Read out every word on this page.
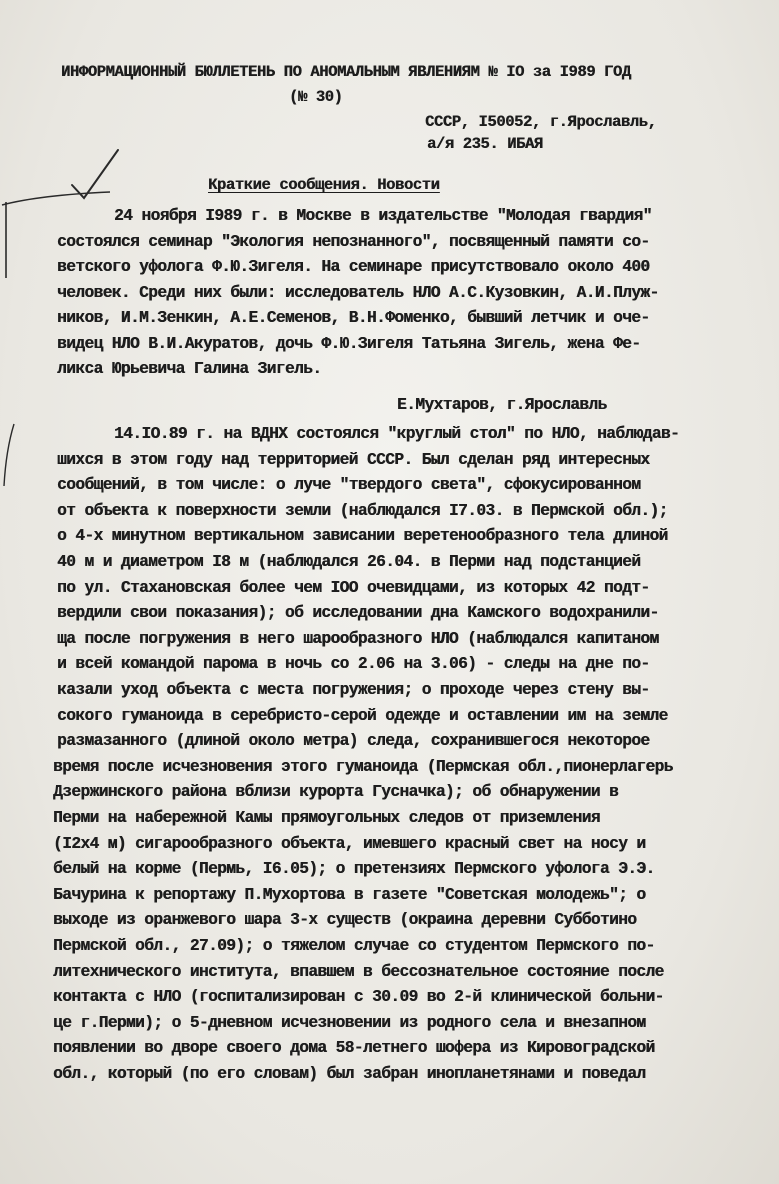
ИНФОРМАЦИОННЫЙ БЮЛЛЕТЕНЬ ПО АНОМАЛЬНЫМ ЯВЛЕНИЯМ № IO за I989 ГОД
(№ 30)
СССР, I50052, г.Ярославль,
а/я 235. ИБАЯ
Краткие сообщения. Новости
24 ноября I989 г. в Москве в издательстве "Молодая гвардия"
состоялся семинар "Экология непознанного", посвященный памяти со-
ветского уфолога Ф.Ю.Зигеля. На семинаре присутствовало около 400
человек. Среди них были: исследователь НЛО А.С.Кузовкин, А.И.Плуж-
ников, И.М.Зенкин, А.Е.Семенов, В.Н.Фоменко, бывший летчик и оче-
видец НЛО В.И.Акуратов, дочь Ф.Ю.Зигеля Татьяна Зигель, жена Фе-
ликса Юрьевича Галина Зигель.
Е.Мухтаров, г.Ярославль
14.IO.89 г. на ВДНХ состоялся "круглый стол" по НЛО, наблюдав-
шихся в этом году над территорией СССР. Был сделан ряд интересных
сообщений, в том числе: о луче "твердого света", сфокусированном
от объекта к поверхности земли (наблюдался I7.03. в Пермской обл.);
о 4-х минутном вертикальном зависании веретенообразного тела длиной
40 м и диаметром I8 м (наблюдался 26.04. в Перми над подстанцией
по ул. Стахановская более чем IOO очевидцами, из которых 42 подт-
вердили свои показания); об исследовании дна Камского водохранили-
ща после погружения в него шарообразного НЛО (наблюдался капитаном
и всей командой парома в ночь со 2.06 на 3.06) - следы на дне по-
казали уход объекта с места погружения; о проходе через стену вы-
сокого гуманоида в серебристо-серой одежде и оставлении им на земле
размазанного (длиной около метра) следа, сохранившегося некоторое
время после исчезновения этого гуманоида (Пермская обл.,пионерлагерь
Дзержинского района вблизи курорта Гусначка); об обнаружении в
Перми на набережной Камы прямоугольных следов от приземления
(I2х4 м) сигарообразного объекта, имевшего красный свет на носу и
белый на корме (Пермь, I6.05); о претензиях Пермского уфолога Э.Э.
Бачурина к репортажу П.Мухортова в газете "Советская молодежь"; о
выходе из оранжевого шара 3-х существ (окраина деревни Субботино
Пермской обл., 27.09); о тяжелом случае со студентом Пермского по-
литехнического института, впавшем в бессознательное состояние после
контакта с НЛО (госпитализирован с 30.09 во 2-й клинической больни-
це г.Перми); о 5-дневном исчезновении из родного села и внезапном
появлении во дворе своего дома 58-летнего шофера из Кировоградской
обл., который (по его словам) был забран инопланетянами и поведал
